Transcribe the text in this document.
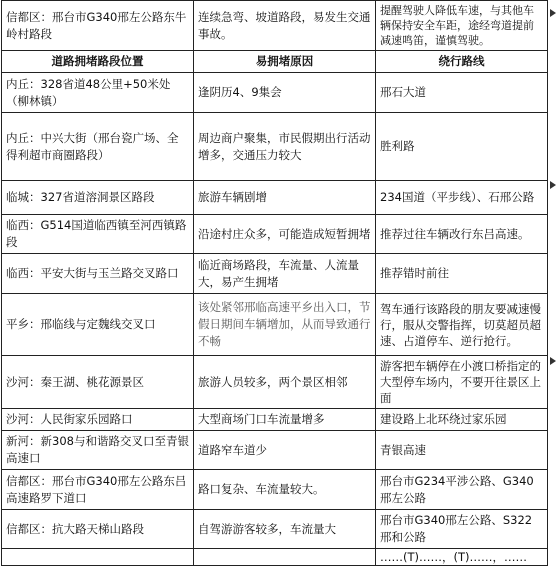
信都区：邢台市G340邢左公路东牛岭村路段	连续急弯、坡道路段，易发生交通事故。	提醒驾驶人降低车速，与其他车辆保持安全车距，途经弯道提前减速鸣笛，谨慎驾驶。
道路拥堵路段位置	易拥堵原因	绕行路线
内丘：328省道48公里+50米处（柳林镇）	逢阴历4、9集会	邢石大道
内丘：中兴大街（邢台瓷广场、全得利超市商圈路段）	周边商户聚集，市民假期出行活动增多，交通压力较大	胜利路
临城：327省道溶洞景区路段	旅游车辆剧增	234国道（平步线）、石邢公路
临西：G514国道临西镇至河西镇路段	沿途村庄众多，可能造成短暂拥堵	推荐过往车辆改行东吕高速。
临西：平安大街与玉兰路交叉路口	临近商场路段，车流量、人流量大，易产生拥堵	推荐错时前往
平乡：邢临线与定魏线交叉口	该处紧邻邢临高速平乡出入口，节假日期间车辆增加，从而导致通行不畅	驾车通行该路段的朋友要减速慢行，服从交警指挥，切莫超员超速、占道停车、逆行抢行。
沙河：秦王湖、桃花源景区	旅游人员较多，两个景区相邻	游客把车辆停在小渡口桥指定的大型停车场内，不要开往景区上面
沙河：人民街家乐园路口	大型商场门口车流量增多	建设路上北环绕过家乐园
新河：新308与和谐路交叉口至青银高速口	道路窄车道少	青银高速
信都区：邢台市G340邢左公路东吕高速路罗下道口	路口复杂、车流量较大。	邢台市G234平涉公路、G340邢左公路
信都区：抗大路天梯山路段	自驾游游客较多，车流量大	邢台市G340邢左公路、S322邢和公路
		……(T)……，(T)……，……
